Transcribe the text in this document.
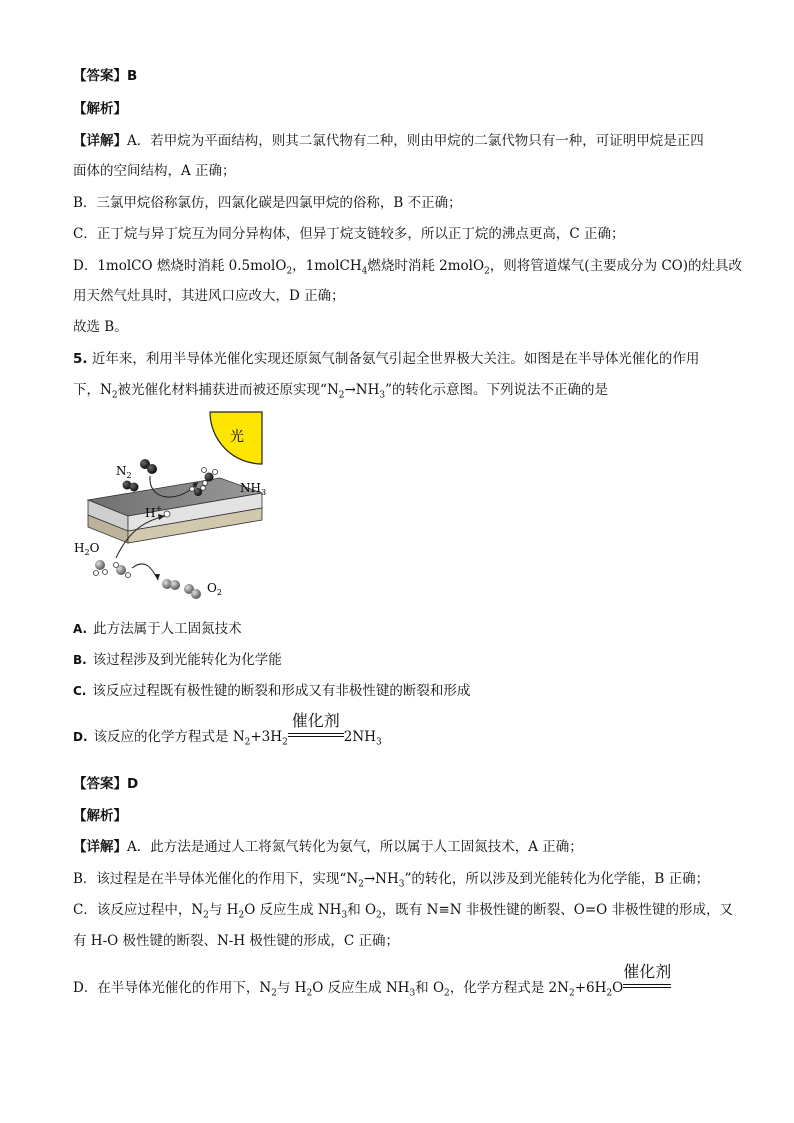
【答案】B
【解析】
【详解】A．若甲烷为平面结构，则其二氯代物有二种，则由甲烷的二氯代物只有一种，可证明甲烷是正四
面体的空间结构，A 正确；
B．三氯甲烷俗称氯仿，四氯化碳是四氯甲烷的俗称，B 不正确；
C．正丁烷与异丁烷互为同分异构体，但异丁烷支链较多，所以正丁烷的沸点更高，C 正确；
D．1molCO 燃烧时消耗 0.5molO$_2$，1molCH$_4$燃烧时消耗 2molO$_2$，则将管道煤气(主要成分为 CO)的灶具改
用天然气灶具时，其进风口应改大，D 正确；
故选 B。
5. 近年来，利用半导体光催化实现还原氮气制备氨气引起全世界极大关注。如图是在半导体光催化的作用
下，$N_2$被光催化材料捕获进而被还原实现“$N_2\to NH_3$”的转化示意图。下列说法不正确的是
光
$N_2$
$NH_3$
H+
$H_2O$
$O_2$
A. 此方法属于人工固氮技术
B. 该过程涉及到光能转化为化学能
C. 该反应过程既有极性键的断裂和形成又有非极性键的断裂和形成
D. 该反应的化学方程式是 $N_2+3H_2$
催化剂
$2NH_3$
【答案】D
【解析】
【详解】A．此方法是通过人工将氮气转化为氨气，所以属于人工固氮技术，A 正确；
B．该过程是在半导体光催化的作用下，实现“$N_2\to NH_3$”的转化，所以涉及到光能转化为化学能，B 正确；
C．该反应过程中，$N_2$与 $H_2O$ 反应生成 $NH_3$和 $O_2$，既有 N≡N 非极性键的断裂、O=O 非极性键的形成，又
有 H-O 极性键的断裂、N-H 极性键的形成，C 正确；
D．在半导体光催化的作用下，$N_2$与 $H_2O$ 反应生成 $NH_3$和 $O_2$，化学方程式是 $2N_2+6H_2O$
催化剂
